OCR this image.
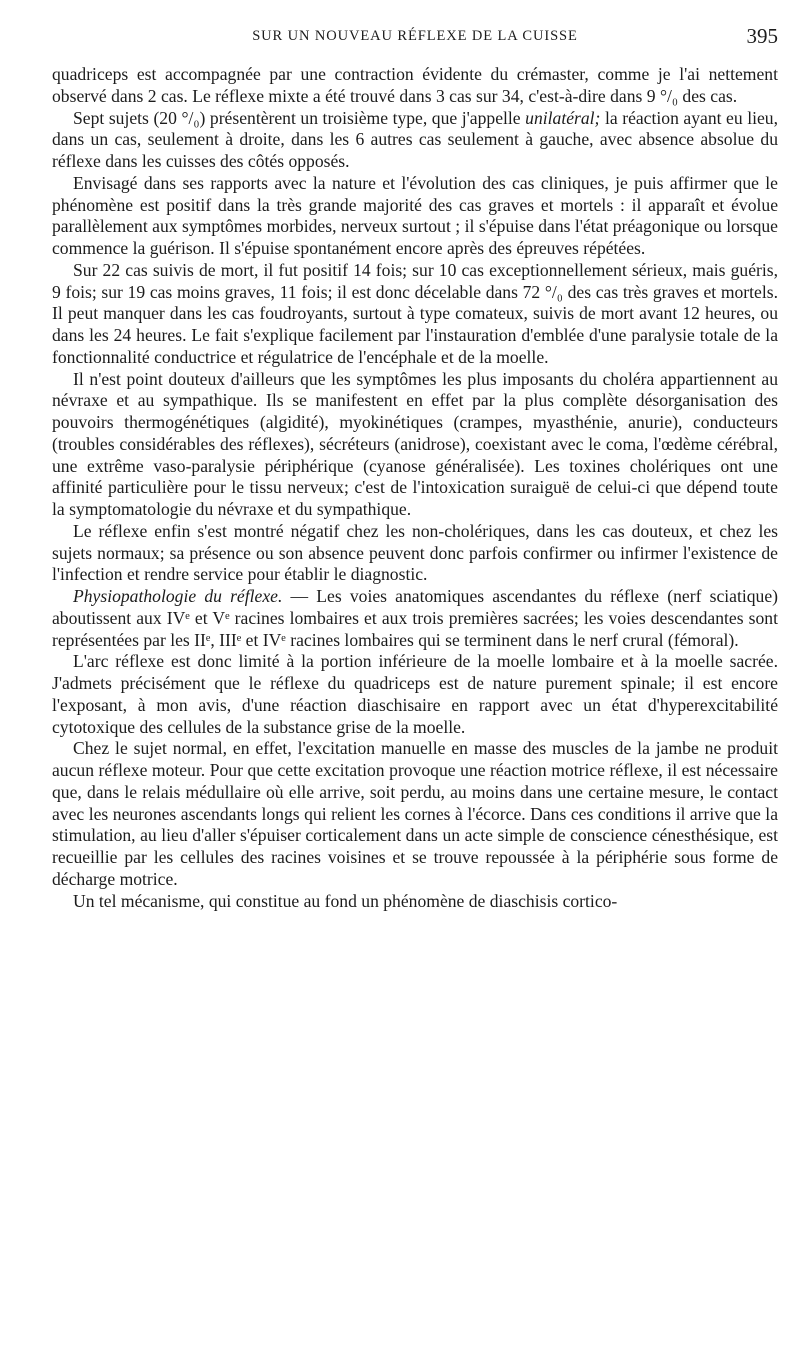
SUR UN NOUVEAU RÉFLEXE DE LA CUISSE	395

quadriceps est accompagnée par une contraction évidente du crémaster, comme je l'ai nettement observé dans 2 cas. Le réflexe mixte a été trouvé dans 3 cas sur 34, c'est-à-dire dans 9 °/₀ des cas.

Sept sujets (20 °/₀) présentèrent un troisième type, que j'appelle unilatéral; la réaction ayant eu lieu, dans un cas, seulement à droite, dans les 6 autres cas seulement à gauche, avec absence absolue du réflexe dans les cuisses des côtés opposés.

Envisagé dans ses rapports avec la nature et l'évolution des cas cliniques, je puis affirmer que le phénomène est positif dans la très grande majorité des cas graves et mortels : il apparaît et évolue parallèlement aux symptômes morbides, nerveux surtout ; il s'épuise dans l'état préagonique ou lorsque commence la guérison. Il s'épuise spontanément encore après des épreuves répétées.

Sur 22 cas suivis de mort, il fut positif 14 fois; sur 10 cas exceptionnellement sérieux, mais guéris, 9 fois; sur 19 cas moins graves, 11 fois; il est donc décelable dans 72 °/₀ des cas très graves et mortels. Il peut manquer dans les cas foudroyants, surtout à type comateux, suivis de mort avant 12 heures, ou dans les 24 heures. Le fait s'explique facilement par l'instauration d'emblée d'une paralysie totale de la fonctionnalité conductrice et régulatrice de l'encéphale et de la moelle.

Il n'est point douteux d'ailleurs que les symptômes les plus imposants du choléra appartiennent au névraxe et au sympathique. Ils se manifestent en effet par la plus complète désorganisation des pouvoirs thermogénétiques (algidité), myokinétiques (crampes, myasthénie, anurie), conducteurs (troubles considérables des réflexes), sécréteurs (anidrose), coexistant avec le coma, l'œdème cérébral, une extrême vaso-paralysie périphérique (cyanose généralisée). Les toxines cholériques ont une affinité particulière pour le tissu nerveux; c'est de l'intoxication suraiguë de celui-ci que dépend toute la symptomatologie du névraxe et du sympathique.

Le réflexe enfin s'est montré négatif chez les non-cholériques, dans les cas douteux, et chez les sujets normaux; sa présence ou son absence peuvent donc parfois confirmer ou infirmer l'existence de l'infection et rendre service pour établir le diagnostic.

Physiopathologie du réflexe. — Les voies anatomiques ascendantes du réflexe (nerf sciatique) aboutissent aux IVᵉ et Vᵉ racines lombaires et aux trois premières sacrées; les voies descendantes sont représentées par les IIᵉ, IIIᵉ et IVᵉ racines lombaires qui se terminent dans le nerf crural (fémoral).

L'arc réflexe est donc limité à la portion inférieure de la moelle lombaire et à la moelle sacrée. J'admets précisément que le réflexe du quadriceps est de nature purement spinale; il est encore l'exposant, à mon avis, d'une réaction diaschisaire en rapport avec un état d'hyperexcitabilité cytotoxique des cellules de la substance grise de la moelle.

Chez le sujet normal, en effet, l'excitation manuelle en masse des muscles de la jambe ne produit aucun réflexe moteur. Pour que cette excitation provoque une réaction motrice réflexe, il est nécessaire que, dans le relais médullaire où elle arrive, soit perdu, au moins dans une certaine mesure, le contact avec les neurones ascendants longs qui relient les cornes à l'écorce. Dans ces conditions il arrive que la stimulation, au lieu d'aller s'épuiser corticalement dans un acte simple de conscience cénesthésique, est recueillie par les cellules des racines voisines et se trouve repoussée à la périphérie sous forme de décharge motrice.

Un tel mécanisme, qui constitue au fond un phénomène de diaschisis cortico-
